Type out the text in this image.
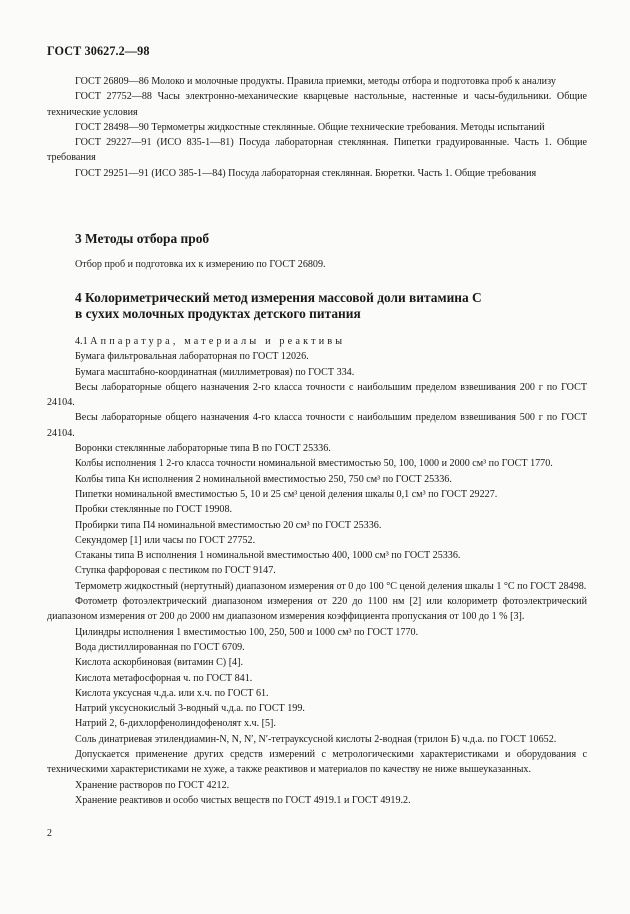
ГОСТ 30627.2—98

ГОСТ 26809—86 Молоко и молочные продукты. Правила приемки, методы отбора и подготовка проб к анализу

ГОСТ 27752—88 Часы электронно-механические кварцевые настольные, настенные и часы-будильники. Общие технические условия

ГОСТ 28498—90 Термометры жидкостные стеклянные. Общие технические требования. Методы испытаний

ГОСТ 29227—91 (ИСО 835-1—81) Посуда лабораторная стеклянная. Пипетки градуированные. Часть 1. Общие требования

ГОСТ 29251—91 (ИСО 385-1—84) Посуда лабораторная стеклянная. Бюретки. Часть 1. Общие требования

3 Методы отбора проб

Отбор проб и подготовка их к измерению по ГОСТ 26809.

4 Колориметрический метод измерения массовой доли витамина С
в сухих молочных продуктах детского питания

4.1 Аппаратура, материалы и реактивы

Бумага фильтровальная лабораторная по ГОСТ 12026.

Бумага масштабно-координатная (миллиметровая) по ГОСТ 334.

Весы лабораторные общего назначения 2-го класса точности с наибольшим пределом взвешивания 200 г по ГОСТ 24104.

Весы лабораторные общего назначения 4-го класса точности с наибольшим пределом взвешивания 500 г по ГОСТ 24104.

Воронки стеклянные лабораторные типа В по ГОСТ 25336.

Колбы исполнения 1 2-го класса точности номинальной вместимостью 50, 100, 1000 и 2000 см³ по ГОСТ 1770.

Колбы типа Кн исполнения 2 номинальной вместимостью 250, 750 см³ по ГОСТ 25336.

Пипетки номинальной вместимостью 5, 10 и 25 см³ ценой деления шкалы 0,1 см³ по ГОСТ 29227.

Пробки стеклянные по ГОСТ 19908.

Пробирки типа П4 номинальной вместимостью 20 см³ по ГОСТ 25336.

Секундомер [1] или часы по ГОСТ 27752.

Стаканы типа В исполнения 1 номинальной вместимостью 400, 1000 см³ по ГОСТ 25336.

Ступка фарфоровая с пестиком по ГОСТ 9147.

Термометр жидкостный (нертутный) диапазоном измерения от 0 до 100 °С ценой деления шкалы 1 °С по ГОСТ 28498.

Фотометр фотоэлектрический диапазоном измерения от 220 до 1100 нм [2] или колориметр фотоэлектрический диапазоном измерения от 200 до 2000 нм диапазоном измерения коэффициента пропускания от 100 до 1 % [3].

Цилиндры исполнения 1 вместимостью 100, 250, 500 и 1000 см³ по ГОСТ 1770.

Вода дистиллированная по ГОСТ 6709.

Кислота аскорбиновая (витамин С) [4].

Кислота метафосфорная ч. по ГОСТ 841.

Кислота уксусная ч.д.а. или х.ч. по ГОСТ 61.

Натрий уксуснокислый 3-водный ч.д.а. по ГОСТ 199.

Натрий 2, 6-дихлорфенолиндофенолят х.ч. [5].

Соль динатриевая этилендиамин-N, N, N′, N′-тетрауксусной кислоты 2-водная (трилон Б) ч.д.а. по ГОСТ 10652.

Допускается применение других средств измерений с метрологическими характеристиками и оборудования с техническими характеристиками не хуже, а также реактивов и материалов по качеству не ниже вышеуказанных.

Хранение растворов по ГОСТ 4212.

Хранение реактивов и особо чистых веществ по ГОСТ 4919.1 и ГОСТ 4919.2.

2
